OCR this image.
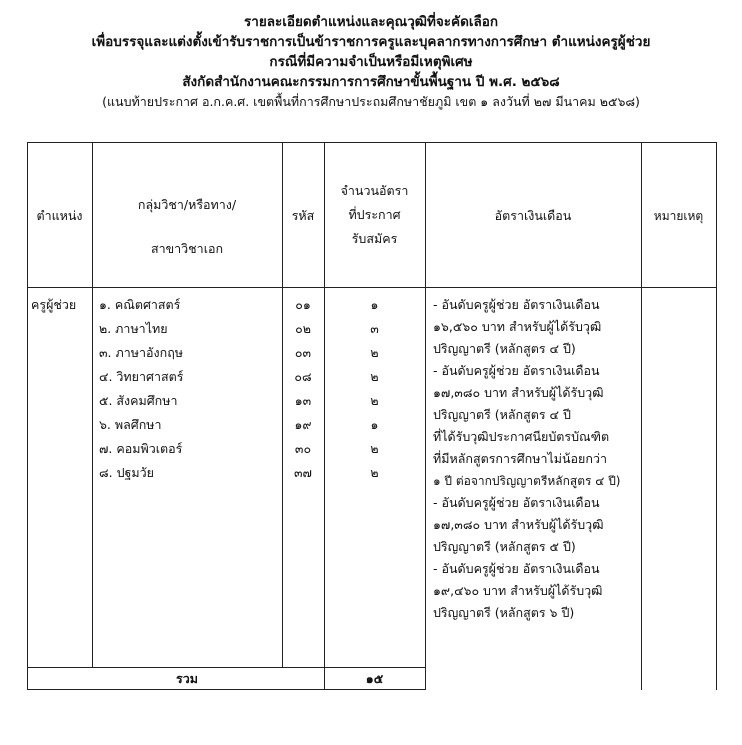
รายละเอียดตำแหน่งและคุณวุฒิที่จะคัดเลือก
เพื่อบรรจุและแต่งตั้งเข้ารับราชการเป็นข้าราชการครูและบุคลากรทางการศึกษา ตำแหน่งครูผู้ช่วย
กรณีที่มีความจำเป็นหรือมีเหตุพิเศษ
สังกัดสำนักงานคณะกรรมการการศึกษาขั้นพื้นฐาน ปี พ.ศ. ๒๕๖๘
(แนบท้ายประกาศ อ.ก.ค.ศ. เขตพื้นที่การศึกษาประถมศึกษาชัยภูมิ เขต ๑ ลงวันที่ ๒๗ มีนาคม ๒๕๖๘)
ตำแหน่ง
กลุ่มวิชา/หรือทาง/
สาขาวิชาเอก
รหัส
จำนวนอัตรา
ที่ประกาศ
รับสมัคร
อัตราเงินเดือน	หมายเหตุ
ครูผู้ช่วย ๑. คณิตศาสตร์
๒. ภาษาไทย
๓. ภาษาอังกฤษ
๔. วิทยาศาสตร์
๕. สังคมศึกษา
๖. พลศึกษา
๗. คอมพิวเตอร์
๘. ปฐมวัย
๐๑
๐๒
๐๓
๐๘
๑๓
๑๙
๓๐
๓๗
๑
๓
๒
๒
๒
๑
๒
๒
- อันดับครูผู้ช่วย อัตราเงินเดือน
๑๖,๕๖๐ บาท สำหรับผู้ได้รับวุฒิ
ปริญญาตรี (หลักสูตร ๔ ปี)
- อันดับครูผู้ช่วย อัตราเงินเดือน
๑๗,๓๘๐ บาท สำหรับผู้ได้รับวุฒิ
ปริญญาตรี (หลักสูตร ๔ ปี
ที่ได้รับวุฒิประกาศนียบัตรบัณฑิต
ที่มีหลักสูตรการศึกษาไม่น้อยกว่า
๑ ปี ต่อจากปริญญาตรีหลักสูตร ๔ ปี)
- อันดับครูผู้ช่วย อัตราเงินเดือน
๑๗,๓๘๐ บาท สำหรับผู้ได้รับวุฒิ
ปริญญาตรี (หลักสูตร ๕ ปี)
- อันดับครูผู้ช่วย อัตราเงินเดือน
๑๙,๔๖๐ บาท สำหรับผู้ได้รับวุฒิ
ปริญญาตรี (หลักสูตร ๖ ปี)
รวม	๑๕
